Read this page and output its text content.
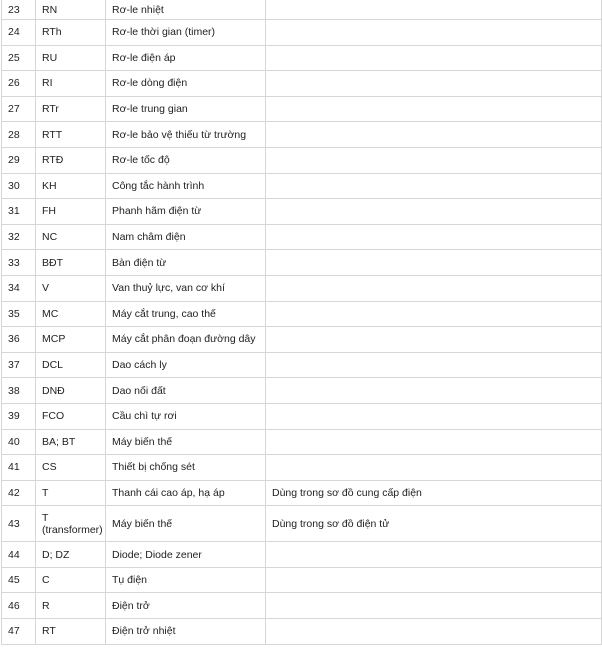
23	RN	Rơ-le nhiệt	
24	RTh	Rơ-le thời gian (timer)	
25	RU	Rơ-le điện áp	
26	RI	Rơ-le dòng điện	
27	RTr	Rơ-le trung gian	
28	RTT	Rơ-le bảo vệ thiếu từ trường	
29	RTĐ	Rơ-le tốc độ	
30	KH	Công tắc hành trình	
31	FH	Phanh hãm điện từ	
32	NC	Nam châm điện	
33	BĐT	Bàn điện từ	
34	V	Van thuỷ lực, van cơ khí	
35	MC	Máy cắt trung, cao thế	
36	MCP	Máy cắt phân đoạn đường dây	
37	DCL	Dao cách ly	
38	DNĐ	Dao nối đất	
39	FCO	Cầu chì tự rơi	
40	BA; BT	Máy biến thế	
41	CS	Thiết bị chống sét	
42	T	Thanh cái cao áp, hạ áp	Dùng trong sơ đồ cung cấp điện
43	T (transformer)	Máy biến thế	Dùng trong sơ đồ điện tử
44	D; DZ	Diode; Diode zener	
45	C	Tụ điện	
46	R	Điện trở	
47	RT	Điện trở nhiệt	
